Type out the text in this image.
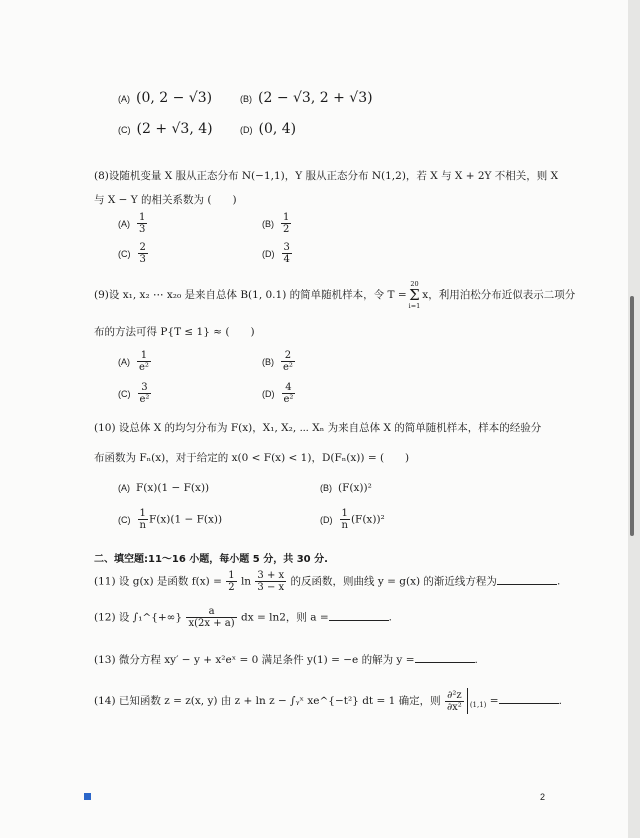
(A) (0, 2 − √3)	(B) (2 − √3, 2 + √3)
(C) (2 + √3, 4)	(D) (0, 4)
(8)设随机变量 X 服从正态分布 N(−1,1)，Y 服从正态分布 N(1,2)，若 X 与 X + 2Y 不相关，则 X
与 X − Y 的相关系数为 (　　)
$(A) \frac{1}{3}$	$(B) \frac{1}{2}$
$(C) \frac{2}{3}$	$(D) \frac{3}{4}$
(9)设 x₁, x₂ ⋯ x₂₀ 是来自总体 B(1, 0.1) 的简单随机样本，令 T =
20
Σ
i=1
x，利用泊松分布近似表示二项分
布的方法可得 P{T ≤ 1} ≈ (　　)
$(A) \frac{1}{\text{e²}}$	$(B) \frac{2}{\text{e²}}$
$(C) \frac{3}{\text{e²}}$	$(D) \frac{4}{\text{e²}}$
(10) 设总体 X 的均匀分布为 F(x)，X₁, X₂, ⋯ Xₙ 为来自总体 X 的简单随机样本，样本的经验分
布函数为 Fₙ(x)，对于给定的 x(0 < F(x) < 1)，D(Fₙ(x)) = (　　)
(A) F(x)(1 − F(x))	(B) (F(x))²
$(C) \frac{1}{n} F(x)(1 - F(x))$	$(D) \frac{1}{n} (F(x))^2$
二、填空题:11～16 小题，每小题 5 分，共 30 分.
(11) 设 g(x) 是函数 $f(x) = \frac{1}{2}$ $\ln \frac{3 + x}{3 - x}$ 的反函数，则曲线 y = g(x) 的渐近线方程为	.
(12) 设 ∫₁^{+∞} $\frac{a}{x(2x + a)}$ dx = ln2，则 a =	.
(13) 微分方程 xy′ − y + x²eˣ = 0 满足条件 y(1) = −e 的解为 y =	.
(14) 已知函数 z = z(x, y) 由 z + ln z − ∫ᵧˣ xe^{−t²} dt = 1 确定，则 $\frac{\text{∂²z}}{\text{∂x²}} _{(1,1)}$ =	.
2
